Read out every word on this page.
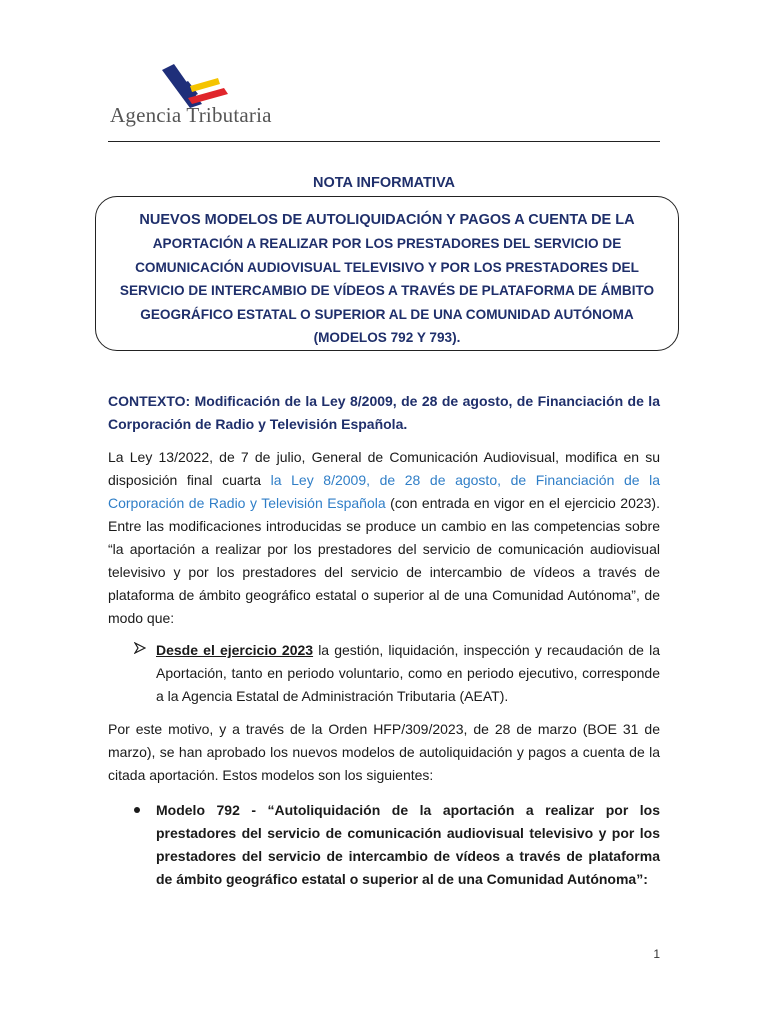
Agencia Tributaria
NOTA INFORMATIVA
NUEVOS MODELOS DE AUTOLIQUIDACIÓN Y PAGOS A CUENTA DE LA
APORTACIÓN A REALIZAR POR LOS PRESTADORES DEL SERVICIO DE COMUNICACIÓN AUDIOVISUAL TELEVISIVO Y POR LOS PRESTADORES DEL SERVICIO DE INTERCAMBIO DE VÍDEOS A TRAVÉS DE PLATAFORMA DE ÁMBITO GEOGRÁFICO ESTATAL O SUPERIOR AL DE UNA COMUNIDAD AUTÓNOMA (MODELOS 792 Y 793).
CONTEXTO: Modificación de la Ley 8/2009, de 28 de agosto, de Financiación de la Corporación de Radio y Televisión Española.
La Ley 13/2022, de 7 de julio, General de Comunicación Audiovisual, modifica en su disposición final cuarta la Ley 8/2009, de 28 de agosto, de Financiación de la Corporación de Radio y Televisión Española (con entrada en vigor en el ejercicio 2023). Entre las modificaciones introducidas se produce un cambio en las competencias sobre “la aportación a realizar por los prestadores del servicio de comunicación audiovisual televisivo y por los prestadores del servicio de intercambio de vídeos a través de plataforma de ámbito geográfico estatal o superior al de una Comunidad Autónoma”, de modo que:
Desde el ejercicio 2023 la gestión, liquidación, inspección y recaudación de la Aportación, tanto en periodo voluntario, como en periodo ejecutivo, corresponde a la Agencia Estatal de Administración Tributaria (AEAT).
Por este motivo, y a través de la Orden HFP/309/2023, de 28 de marzo (BOE 31 de marzo), se han aprobado los nuevos modelos de autoliquidación y pagos a cuenta de la citada aportación. Estos modelos son los siguientes:
Modelo 792 - “Autoliquidación de la aportación a realizar por los prestadores del servicio de comunicación audiovisual televisivo y por los prestadores del servicio de intercambio de vídeos a través de plataforma de ámbito geográfico estatal o superior al de una Comunidad Autónoma”:
1
